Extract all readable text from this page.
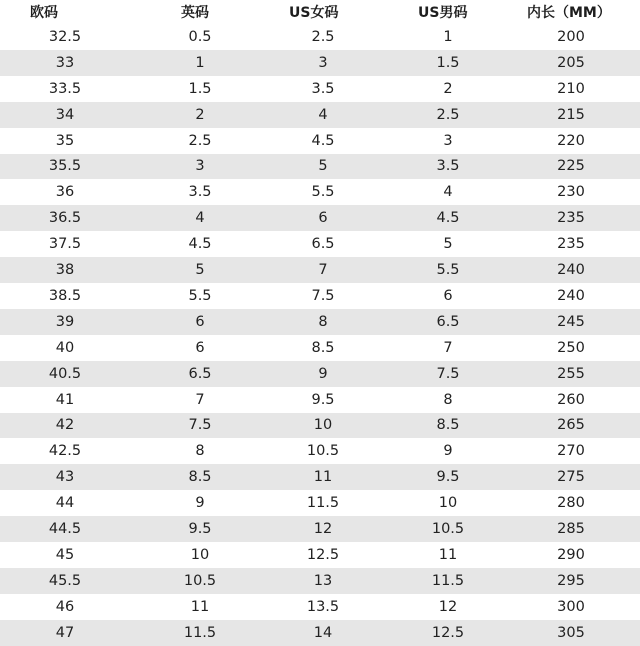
欧码	英码	US女码	US男码	内长（MM）
32.5	0.5	2.5	1	200
33	1	3	1.5	205
33.5	1.5	3.5	2	210
34	2	4	2.5	215
35	2.5	4.5	3	220
35.5	3	5	3.5	225
36	3.5	5.5	4	230
36.5	4	6	4.5	235
37.5	4.5	6.5	5	235
38	5	7	5.5	240
38.5	5.5	7.5	6	240
39	6	8	6.5	245
40	6	8.5	7	250
40.5	6.5	9	7.5	255
41	7	9.5	8	260
42	7.5	10	8.5	265
42.5	8	10.5	9	270
43	8.5	11	9.5	275
44	9	11.5	10	280
44.5	9.5	12	10.5	285
45	10	12.5	11	290
45.5	10.5	13	11.5	295
46	11	13.5	12	300
47	11.5	14	12.5	305
